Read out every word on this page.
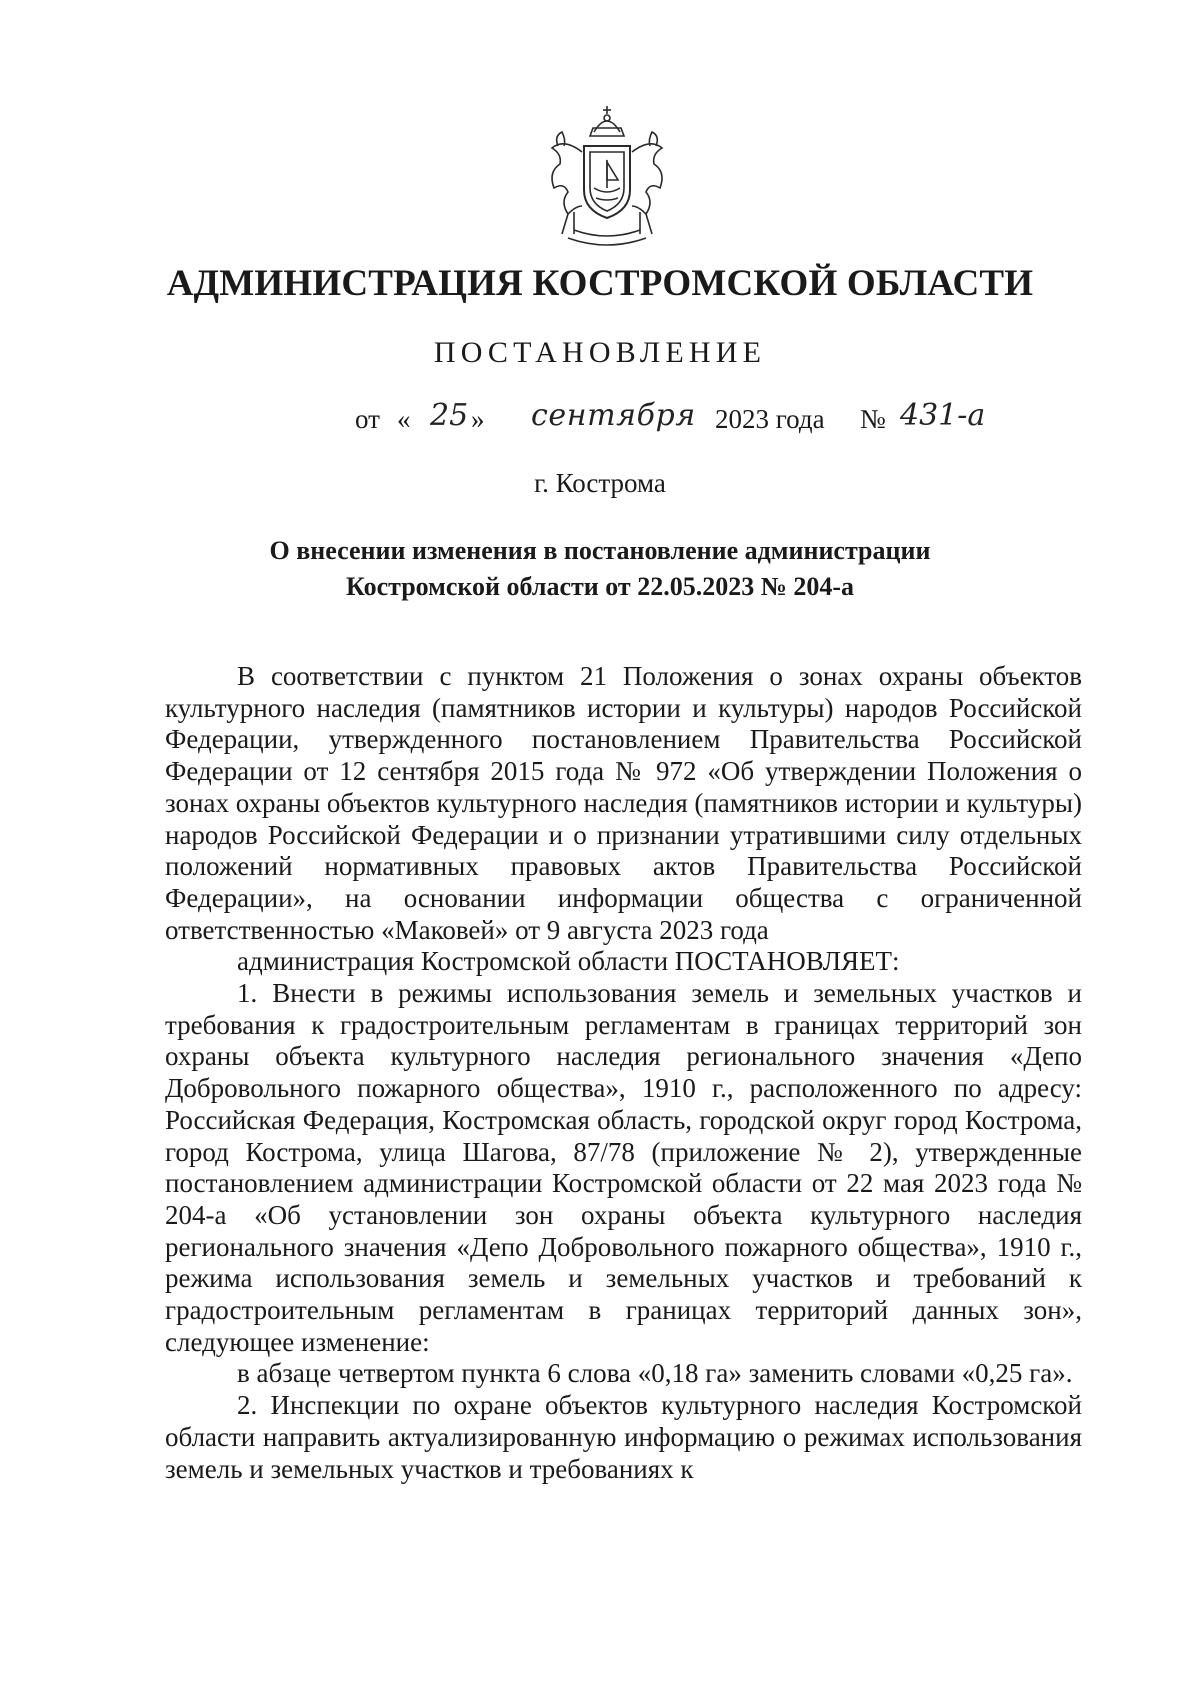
АДМИНИСТРАЦИЯ КОСТРОМСКОЙ ОБЛАСТИ
ПОСТАНОВЛЕНИЕ
от « 25 » сентября 2023 года № 431-а
г. Кострома
О внесении изменения в постановление администрации
Костромской области от 22.05.2023 № 204-а

В соответствии с пунктом 21 Положения о зонах охраны объектов культурного наследия (памятников истории и культуры) народов Российской Федерации, утвержденного постановлением Правительства Российской Федерации от 12 сентября 2015 года № 972 «Об утверждении Положения о зонах охраны объектов культурного наследия (памятников истории и культуры) народов Российской Федерации и о признании утратившими силу отдельных положений нормативных правовых актов Правительства Российской Федерации», на основании информации общества с ограниченной ответственностью «Маковей» от 9 августа 2023 года

администрация Костромской области ПОСТАНОВЛЯЕТ:

1. Внести в режимы использования земель и земельных участков и требования к градостроительным регламентам в границах территорий зон охраны объекта культурного наследия регионального значения «Депо Добровольного пожарного общества», 1910 г., расположенного по адресу: Российская Федерация, Костромская область, городской округ город Кострома, город Кострома, улица Шагова, 87/78 (приложение № 2), утвержденные постановлением администрации Костромской области от 22 мая 2023 года № 204-а «Об установлении зон охраны объекта культурного наследия регионального значения «Депо Добровольного пожарного общества», 1910 г., режима использования земель и земельных участков и требований к градостроительным регламентам в границах территорий данных зон», следующее изменение:

в абзаце четвертом пункта 6 слова «0,18 га» заменить словами «0,25 га».

2. Инспекции по охране объектов культурного наследия Костромской области направить актуализированную информацию о режимах использования земель и земельных участков и требованиях к
